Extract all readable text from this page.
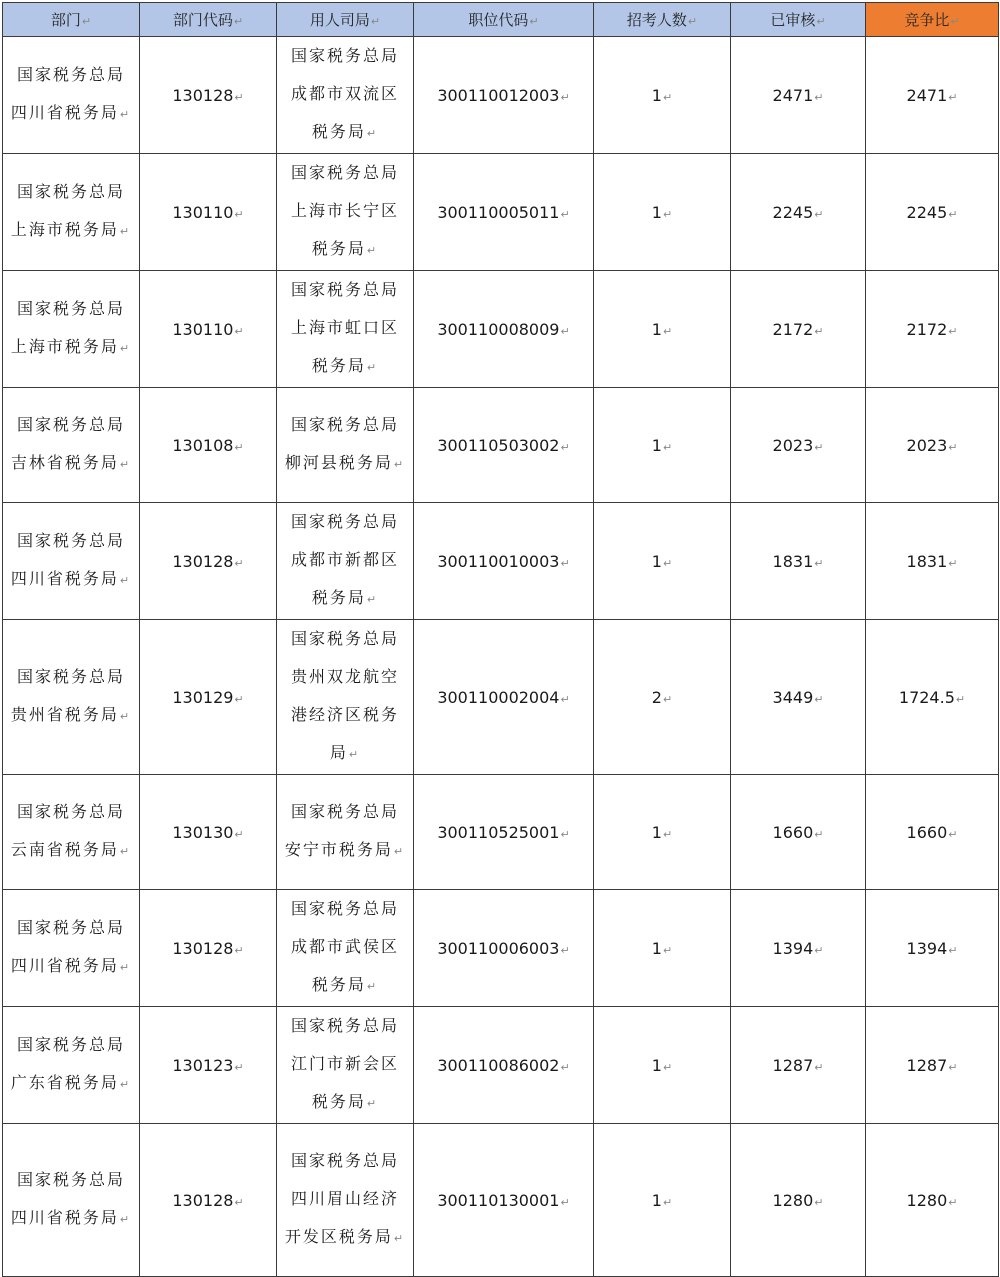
部门↵	部门代码↵	用人司局↵	职位代码↵	招考人数↵	已审核↵	竞争比↵
国家税务总局四川省税务局↵	130128↵	国家税务总局成都市双流区税务局↵	300110012003↵	1↵	2471↵	2471↵
国家税务总局上海市税务局↵	130110↵	国家税务总局上海市长宁区税务局↵	300110005011↵	1↵	2245↵	2245↵
国家税务总局上海市税务局↵	130110↵	国家税务总局上海市虹口区税务局↵	300110008009↵	1↵	2172↵	2172↵
国家税务总局吉林省税务局↵	130108↵	国家税务总局柳河县税务局↵	300110503002↵	1↵	2023↵	2023↵
国家税务总局四川省税务局↵	130128↵	国家税务总局成都市新都区税务局↵	300110010003↵	1↵	1831↵	1831↵
国家税务总局贵州省税务局↵	130129↵	国家税务总局贵州双龙航空港经济区税务局↵	300110002004↵	2↵	3449↵	1724.5↵
国家税务总局云南省税务局↵	130130↵	国家税务总局安宁市税务局↵	300110525001↵	1↵	1660↵	1660↵
国家税务总局四川省税务局↵	130128↵	国家税务总局成都市武侯区税务局↵	300110006003↵	1↵	1394↵	1394↵
国家税务总局广东省税务局↵	130123↵	国家税务总局江门市新会区税务局↵	300110086002↵	1↵	1287↵	1287↵
国家税务总局四川省税务局↵	130128↵	国家税务总局四川眉山经济开发区税务局↵	300110130001↵	1↵	1280↵	1280↵
